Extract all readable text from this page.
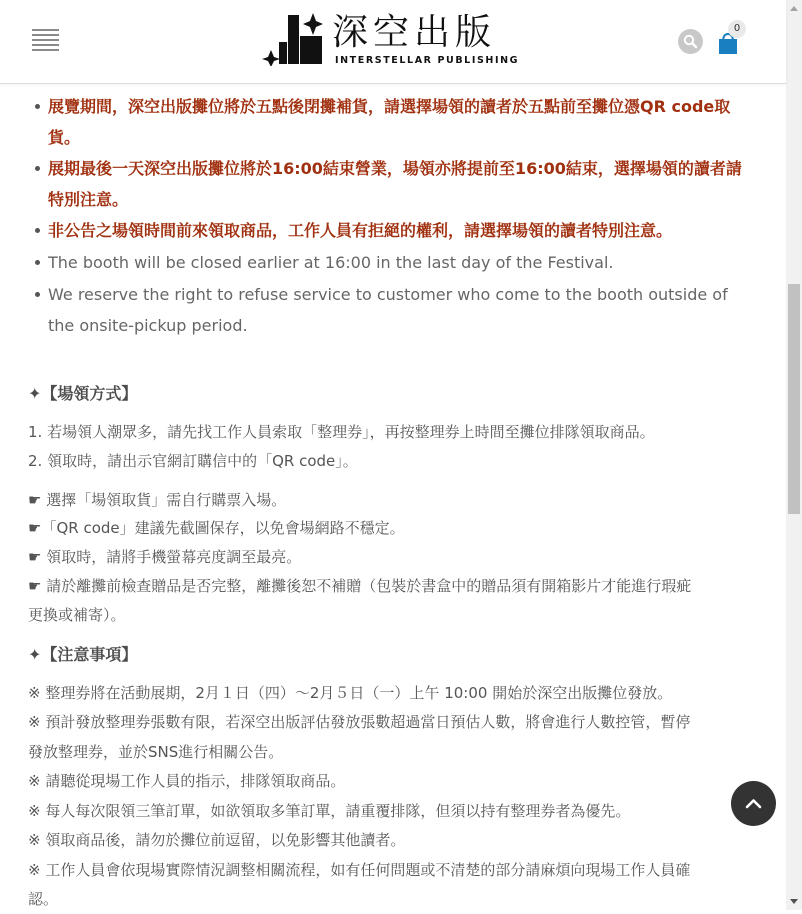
深空出版
INTERSTELLAR PUBLISHING
0
展覽期間，深空出版攤位將於五點後閉攤補貨，請選擇場領的讀者於五點前至攤位憑QR code取貨。
展期最後一天深空出版攤位將於16:00結束營業，場領亦將提前至16:00結束，選擇場領的讀者請特別注意。
非公告之場領時間前來領取商品，工作人員有拒絕的權利，請選擇場領的讀者特別注意。
The booth will be closed earlier at 16:00 in the last day of the Festival.
We reserve the right to refuse service to customer who come to the booth outside of the onsite-pickup period.
✦【場領方式】
1. 若場領人潮眾多，請先找工作人員索取「整理券」，再按整理券上時間至攤位排隊領取商品。
2. 領取時，請出示官網訂購信中的「QR code」。
☛ 選擇「場領取貨」需自行購票入場。
☛「QR code」建議先截圖保存，以免會場網路不穩定。
☛ 領取時，請將手機螢幕亮度調至最亮。
☛ 請於離攤前檢查贈品是否完整，離攤後恕不補贈（包裝於書盒中的贈品須有開箱影片才能進行瑕疵
更換或補寄）。
✦【注意事項】
※ 整理券將在活動展期，2月１日（四）～2月５日（一）上午 10:00 開始於深空出版攤位發放。
※ 預計發放整理券張數有限，若深空出版評估發放張數超過當日預估人數，將會進行人數控管，暫停
發放整理券，並於SNS進行相關公告。
※ 請聽從現場工作人員的指示，排隊領取商品。
※ 每人每次限領三筆訂單，如欲領取多筆訂單，請重覆排隊，但須以持有整理券者為優先。
※ 領取商品後，請勿於攤位前逗留，以免影響其他讀者。
※ 工作人員會依現場實際情況調整相關流程，如有任何問題或不清楚的部分請麻煩向現場工作人員確
認。
